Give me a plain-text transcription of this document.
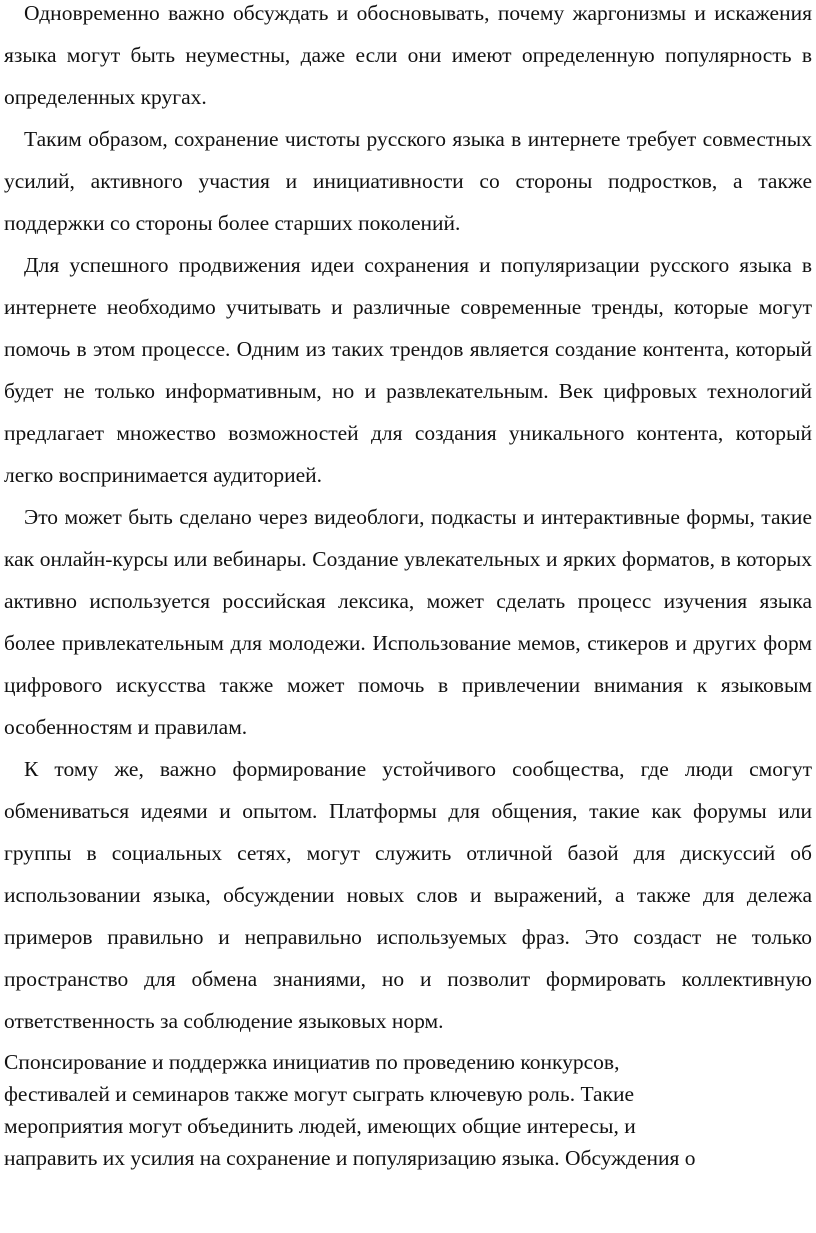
Одновременно важно обсуждать и обосновывать, почему жаргонизмы и искажения языка могут быть неуместны, даже если они имеют определенную популярность в определенных кругах.

Таким образом, сохранение чистоты русского языка в интернете требует совместных усилий, активного участия и инициативности со стороны подростков, а также поддержки со стороны более старших поколений.

Для успешного продвижения идеи сохранения и популяризации русского языка в интернете необходимо учитывать и различные современные тренды, которые могут помочь в этом процессе. Одним из таких трендов является создание контента, который будет не только информативным, но и развлекательным. Век цифровых технологий предлагает множество возможностей для создания уникального контента, который легко воспринимается аудиторией.

Это может быть сделано через видеоблоги, подкасты и интерактивные формы, такие как онлайн-курсы или вебинары. Создание увлекательных и ярких форматов, в которых активно используется российская лексика, может сделать процесс изучения языка более привлекательным для молодежи. Использование мемов, стикеров и других форм цифрового искусства также может помочь в привлечении внимания к языковым особенностям и правилам.

К тому же, важно формирование устойчивого сообщества, где люди смогут обмениваться идеями и опытом. Платформы для общения, такие как форумы или группы в социальных сетях, могут служить отличной базой для дискуссий об использовании языка, обсуждении новых слов и выражений, а также для дележа примеров правильно и неправильно используемых фраз. Это создаст не только пространство для обмена знаниями, но и позволит формировать коллективную ответственность за соблюдение языковых норм.

Спонсирование и поддержка инициатив по проведению конкурсов,
фестивалей и семинаров также могут сыграть ключевую роль. Такие
мероприятия могут объединить людей, имеющих общие интересы, и
направить их усилия на сохранение и популяризацию языка. Обсуждения о
